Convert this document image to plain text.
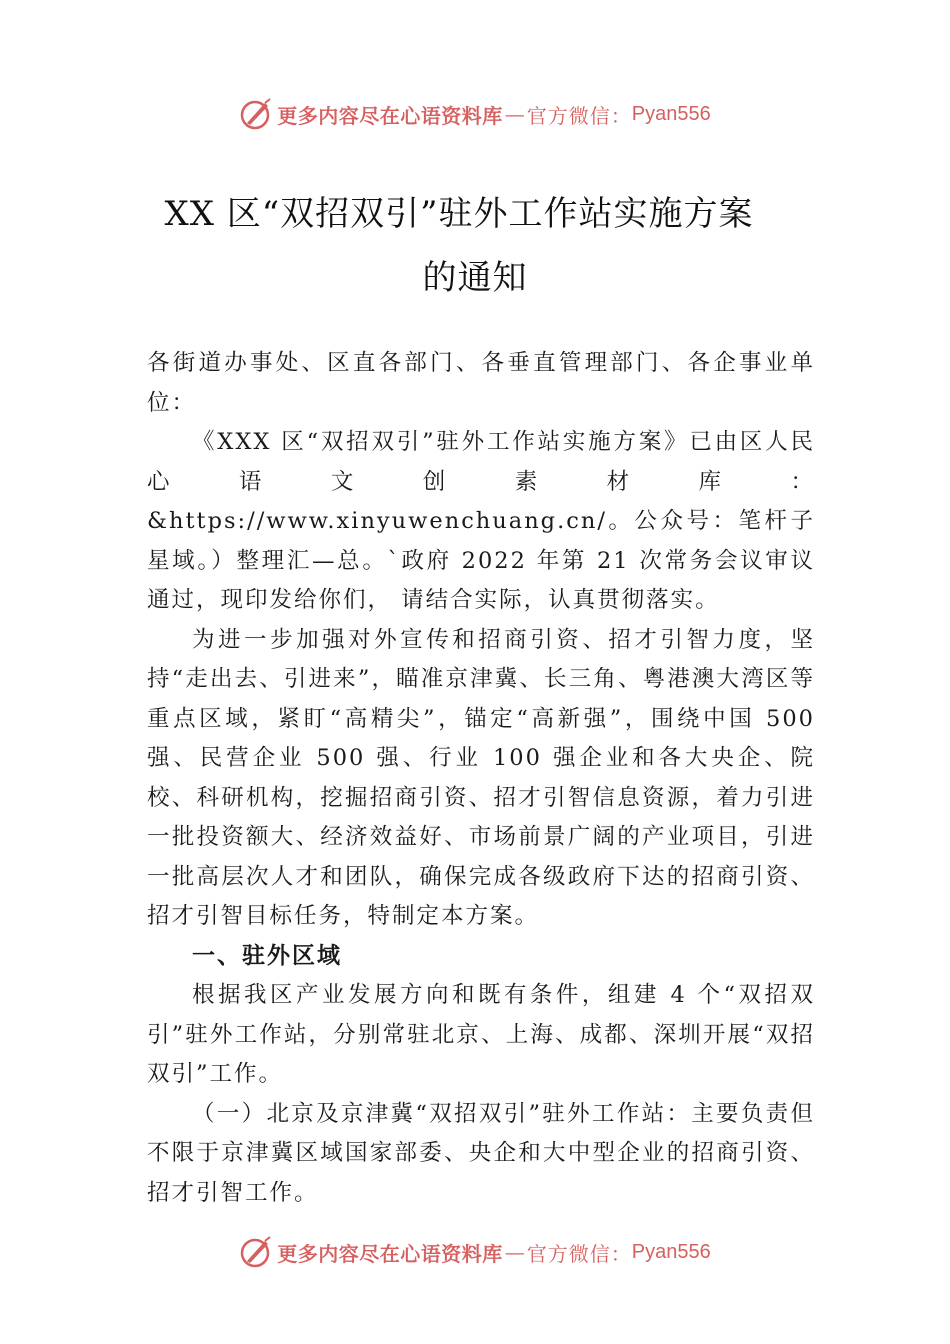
更多内容尽在心语资料库 — 官方微信： Pyan556
XX 区“双招双引”驻外工作站实施方案
的通知

各街道办事处、区直各部门、各垂直管理部门、各企事业单位：

《XXX 区“双招双引”驻外工作站实施方案》已由区人民心语文创素材库：&https://www.xinyuwenchuang.cn/。公众号：笔杆子星域。）整理汇—总。`政府 2022 年第 21 次常务会议审议通过，现印发给你们， 请结合实际，认真贯彻落实。

为进一步加强对外宣传和招商引资、招才引智力度，坚持“走出去、引进来”，瞄准京津冀、长三角、粤港澳大湾区等重点区域，紧盯“高精尖”，锚定“高新强”，围绕中国 500 强、民营企业 500 强、行业 100 强企业和各大央企、院校、科研机构，挖掘招商引资、招才引智信息资源，着力引进一批投资额大、经济效益好、市场前景广阔的产业项目，引进一批高层次人才和团队，确保完成各级政府下达的招商引资、招才引智目标任务，特制定本方案。

一、驻外区域

根据我区产业发展方向和既有条件，组建 4 个“双招双引”驻外工作站，分别常驻北京、上海、成都、深圳开展“双招双引”工作。

（一）北京及京津冀“双招双引”驻外工作站：主要负责但不限于京津冀区域国家部委、央企和大中型企业的招商引资、招才引智工作。

更多内容尽在心语资料库 — 官方微信： Pyan556
